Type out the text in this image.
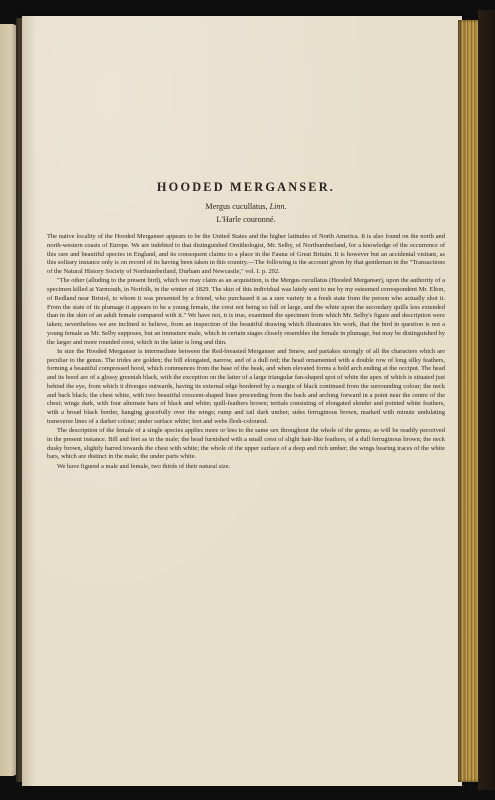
HOODED MERGANSER.

Mergus cucullatus, Linn.

L'Harle couronné.

The native locality of the Hooded Merganser appears to be the United States and the higher latitudes of North America. It is also found on the north and north-western coasts of Europe. We are indebted to that distinguished Ornithologist, Mr. Selby, of Northumberland, for a knowledge of the occurrence of this rare and beautiful species in England, and its consequent claims to a place in the Fauna of Great Britain. It is however but an accidental visitant, as this solitary instance only is on record of its having been taken in this country.—The following is the account given by that gentleman in the "Transactions of the Natural History Society of Northumberland, Durham and Newcastle," vol. I. p. 292.

"The other (alluding to the present bird), which we may claim as an acquisition, is the Mergus cucullatus (Hooded Merganser), upon the authority of a specimen killed at Yarmouth, in Norfolk, in the winter of 1829. The skin of this individual was lately sent to me by my esteemed correspondent Mr. Elton, of Redland near Bristol, to whom it was presented by a friend, who purchased it as a rare variety in a fresh state from the person who actually shot it. From the state of its plumage it appears to be a young female, the crest not being so full or large, and the white upon the secondary quills less extended than in the skin of an adult female compared with it." We have not, it is true, examined the specimen from which Mr. Selby's figure and description were taken; nevertheless we are inclined to believe, from an inspection of the beautiful drawing which illustrates his work, that the bird in question is not a young female as Mr. Selby supposes, but an immature male, which in certain stages closely resembles the female in plumage, but may be distinguished by the larger and more rounded crest, which in the latter is long and thin.

In size the Hooded Merganser is intermediate between the Red-breasted Merganser and Smew, and partakes strongly of all the characters which are peculiar to the genus. The irides are golden; the bill elongated, narrow, and of a dull red; the head ornamented with a double row of long silky feathers, forming a beautiful compressed hood, which commences from the base of the beak, and when elevated forms a bold arch ending at the occiput. The head and its hood are of a glossy greenish black, with the exception on the latter of a large triangular fan-shaped spot of white the apex of which is situated just behind the eye, from which it diverges outwards, having its external edge bordered by a margin of black continued from the surrounding colour; the neck and back black; the chest white, with two beautiful crescent-shaped lines proceeding from the back and arching forward in a point near the centre of the chest; wings dark, with four alternate bars of black and white; quill-feathers brown; tertials consisting of elongated slender and pointed white feathers, with a broad black border, hanging gracefully over the wings; rump and tail dark umber; sides ferruginous brown, marked with minute undulating transverse lines of a darker colour; under surface white; feet and webs flesh-coloured.

The description of the female of a single species applies more or less to the same sex throughout the whole of the genus; as will be readily perceived in the present instance. Bill and feet as in the male; the head furnished with a small crest of slight hair-like feathers, of a dull ferruginous brown; the neck dusky brown, slightly barred towards the chest with white; the whole of the upper surface of a deep and rich umber; the wings bearing traces of the white bars, which are distinct in the male; the under parts white.

We have figured a male and female, two thirds of their natural size.
